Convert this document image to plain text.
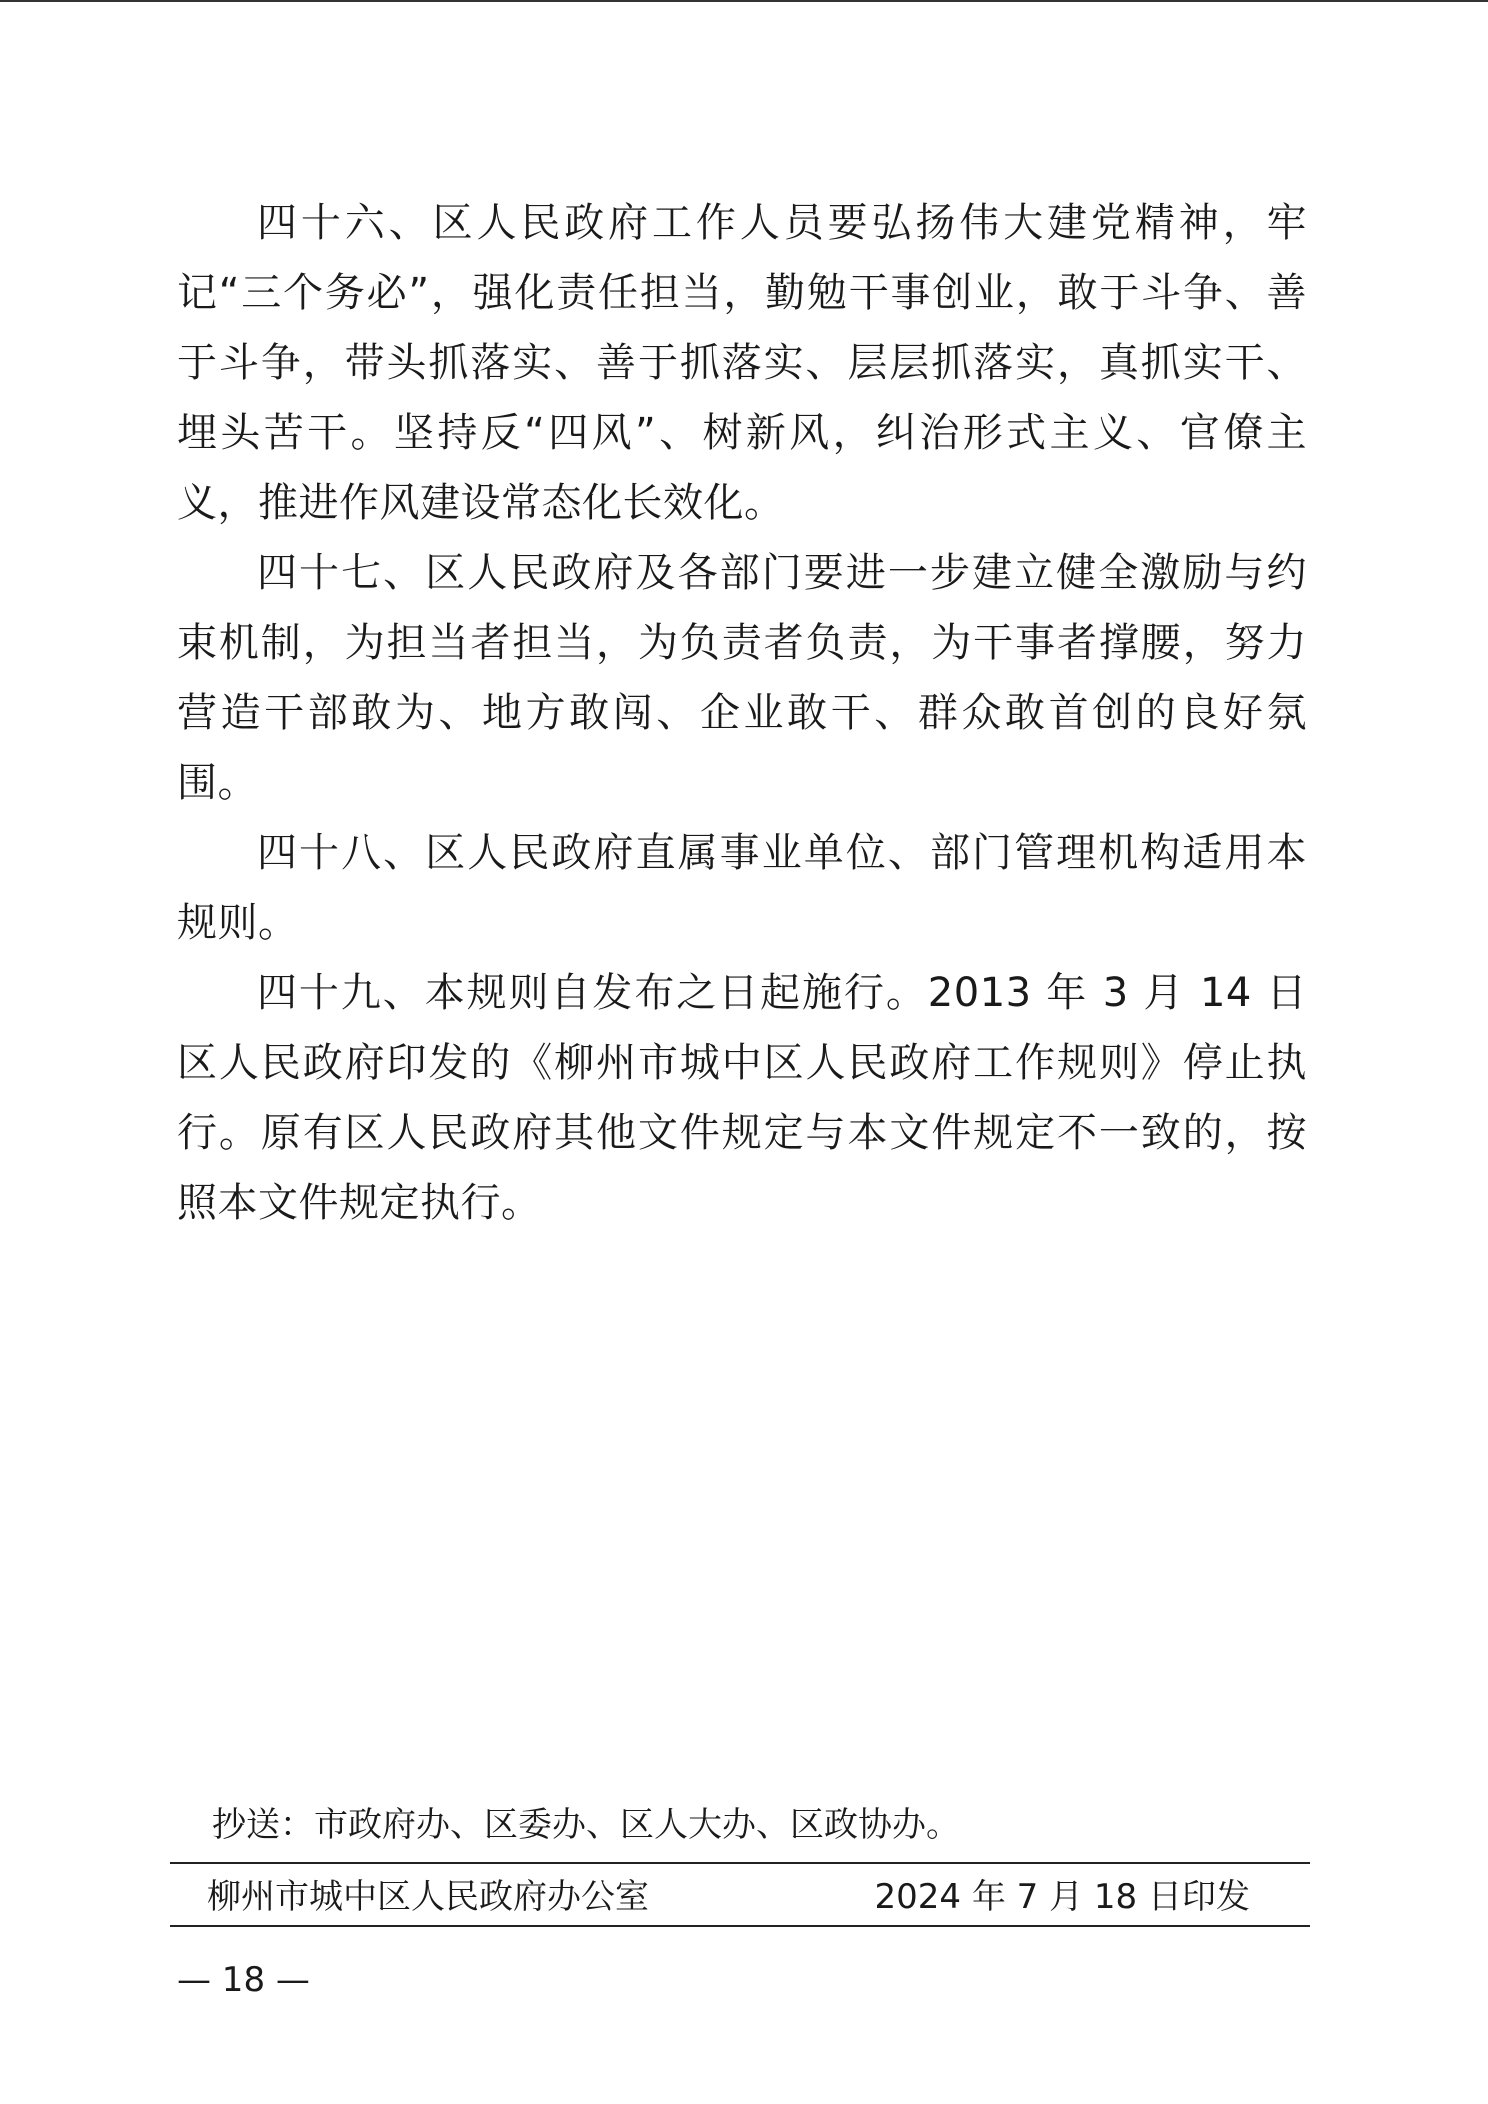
四十六、区人民政府工作人员要弘扬伟大建党精神，牢记“三个务必”，强化责任担当，勤勉干事创业，敢于斗争、善于斗争，带头抓落实、善于抓落实、层层抓落实，真抓实干、埋头苦干。坚持反“四风”、树新风，纠治形式主义、官僚主义，推进作风建设常态化长效化。

四十七、区人民政府及各部门要进一步建立健全激励与约束机制，为担当者担当，为负责者负责，为干事者撑腰，努力营造干部敢为、地方敢闯、企业敢干、群众敢首创的良好氛围。

四十八、区人民政府直属事业单位、部门管理机构适用本规则。

四十九、本规则自发布之日起施行。2013 年 3 月 14 日区人民政府印发的《柳州市城中区人民政府工作规则》停止执行。原有区人民政府其他文件规定与本文件规定不一致的，按照本文件规定执行。

抄送：市政府办、区委办、区人大办、区政协办。
柳州市城中区人民政府办公室	2024 年 7 月 18 日印发
— 18 —
